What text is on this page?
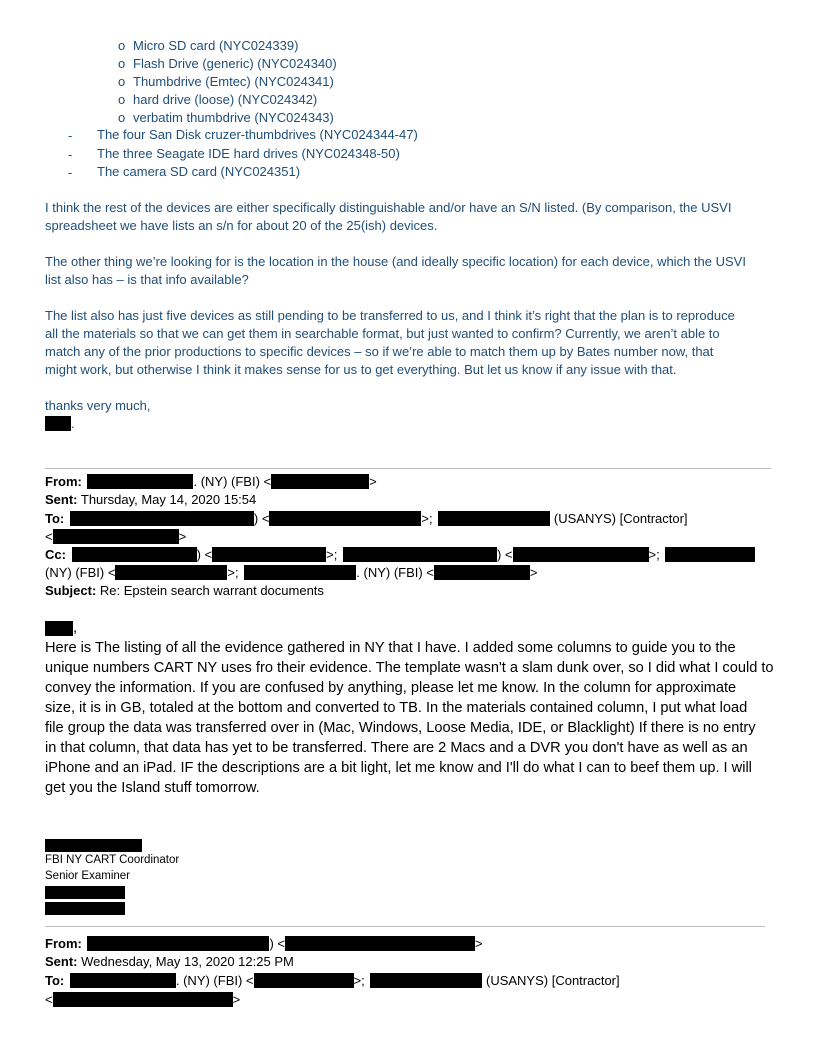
o Micro SD card (NYC024339)
o Flash Drive (generic) (NYC024340)
o Thumbdrive (Emtec) (NYC024341)
o hard drive (loose) (NYC024342)
o verbatim thumbdrive (NYC024343)
- The four San Disk cruzer-thumbdrives (NYC024344-47)
- The three Seagate IDE hard drives (NYC024348-50)
- The camera SD card (NYC024351)
I think the rest of the devices are either specifically distinguishable and/or have an S/N listed. (By comparison, the USVI
spreadsheet we have lists an s/n for about 20 of the 25(ish) devices.
The other thing we’re looking for is the location in the house (and ideally specific location) for each device, which the USVI
list also has – is that info available?
The list also has just five devices as still pending to be transferred to us, and I think it’s right that the plan is to reproduce
all the materials so that we can get them in searchable format, but just wanted to confirm? Currently, we aren’t able to
match any of the prior productions to specific devices – so if we’re able to match them up by Bates number now, that
might work, but otherwise I think it makes sense for us to get everything. But let us know if any issue with that.
thanks very much,
.
From:	. (NY) (FBI) <	>
Sent: Thursday, May 14, 2020 15:54
To:	) <	>;	(USANYS) [Contractor]
<	>
Cc:	) <	>;	) <	>;
(NY) (FBI) <	>;	. (NY) (FBI) <	>
Subject: Re: Epstein search warrant documents
,
Here is The listing of all the evidence gathered in NY that I have. I added some columns to guide you to the
unique numbers CART NY uses fro their evidence. The template wasn't a slam dunk over, so I did what I could to
convey the information. If you are confused by anything, please let me know. In the column for approximate
size, it is in GB, totaled at the bottom and converted to TB. In the materials contained column, I put what load
file group the data was transferred over in (Mac, Windows, Loose Media, IDE, or Blacklight) If there is no entry
in that column, that data has yet to be transferred. There are 2 Macs and a DVR you don't have as well as an
iPhone and an iPad. IF the descriptions are a bit light, let me know and I'll do what I can to beef them up. I will
get you the Island stuff tomorrow.
FBI NY CART Coordinator
Senior Examiner
From:	) <	>
Sent: Wednesday, May 13, 2020 12:25 PM
To:	. (NY) (FBI) <	>;	(USANYS) [Contractor]
<	>
